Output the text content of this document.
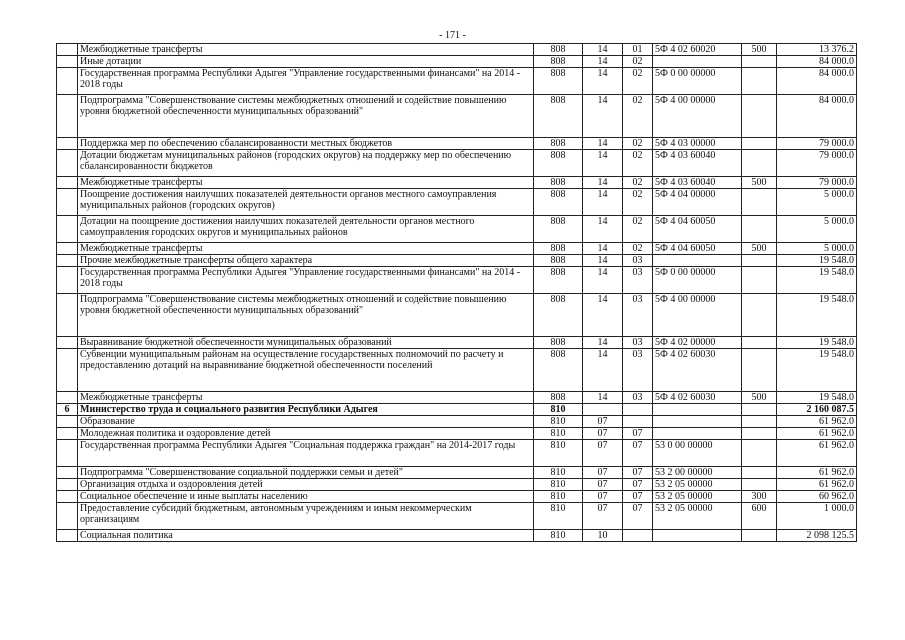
- 171 -
	Межбюджетные трансферты	808	14	01	5Ф 4 02 60020	500	13 376.2
	Иные дотации	808	14	02			84 000.0
	Государственная программа Республики Адыгея "Управление государственными финансами" на 2014 - 2018 годы	808	14	02	5Ф 0 00 00000		84 000.0
	Подпрограмма "Совершенствование системы межбюджетных отношений и содействие повышению уровня бюджетной обеспеченности муниципальных образований"	808	14	02	5Ф 4 00 00000		84 000.0
	Поддержка мер по обеспечению сбалансированности местных бюджетов	808	14	02	5Ф 4 03 00000		79 000.0
	Дотации бюджетам муниципальных районов (городских округов) на поддержку мер по обеспечению сбалансированности бюджетов	808	14	02	5Ф 4 03 60040		79 000.0
	Межбюджетные трансферты	808	14	02	5Ф 4 03 60040	500	79 000.0
	Поощрение достижения наилучших показателей деятельности органов местного самоуправления муниципальных районов (городских округов)	808	14	02	5Ф 4 04 00000		5 000.0
	Дотации на поощрение достижения наилучших показателей деятельности органов местного самоуправления городских округов и муниципальных районов	808	14	02	5Ф 4 04 60050		5 000.0
	Межбюджетные трансферты	808	14	02	5Ф 4 04 60050	500	5 000.0
	Прочие межбюджетные трансферты общего характера	808	14	03			19 548.0
	Государственная программа Республики Адыгея "Управление государственными финансами" на 2014 - 2018 годы	808	14	03	5Ф 0 00 00000		19 548.0
	Подпрограмма "Совершенствование системы межбюджетных отношений и содействие повышению уровня бюджетной обеспеченности муниципальных образований"	808	14	03	5Ф 4 00 00000		19 548.0
	Выравнивание бюджетной обеспеченности муниципальных образований	808	14	03	5Ф 4 02 00000		19 548.0
	Субвенции муниципальным районам на осуществление государственных полномочий по расчету и предоставлению дотаций на выравнивание бюджетной обеспеченности поселений	808	14	03	5Ф 4 02 60030		19 548.0
	Межбюджетные трансферты	808	14	03	5Ф 4 02 60030	500	19 548.0
6	Министерство труда и социального развития Республики Адыгея	810					2 160 087.5
	Образование	810	07				61 962.0
	Молодежная политика и оздоровление детей	810	07	07			61 962.0
	Государственная программа Республики Адыгея "Социальная поддержка граждан" на 2014-2017 годы	810	07	07	53 0 00 00000		61 962.0
	Подпрограмма "Совершенствование социальной поддержки семьи и детей"	810	07	07	53 2 00 00000		61 962.0
	Организация отдыха и оздоровления детей	810	07	07	53 2 05 00000		61 962.0
	Социальное обеспечение и иные выплаты населению	810	07	07	53 2 05 00000	300	60 962.0
	Предоставление субсидий бюджетным, автономным учреждениям и иным некоммерческим организациям	810	07	07	53 2 05 00000	600	1 000.0
	Социальная политика	810	10				2 098 125.5
